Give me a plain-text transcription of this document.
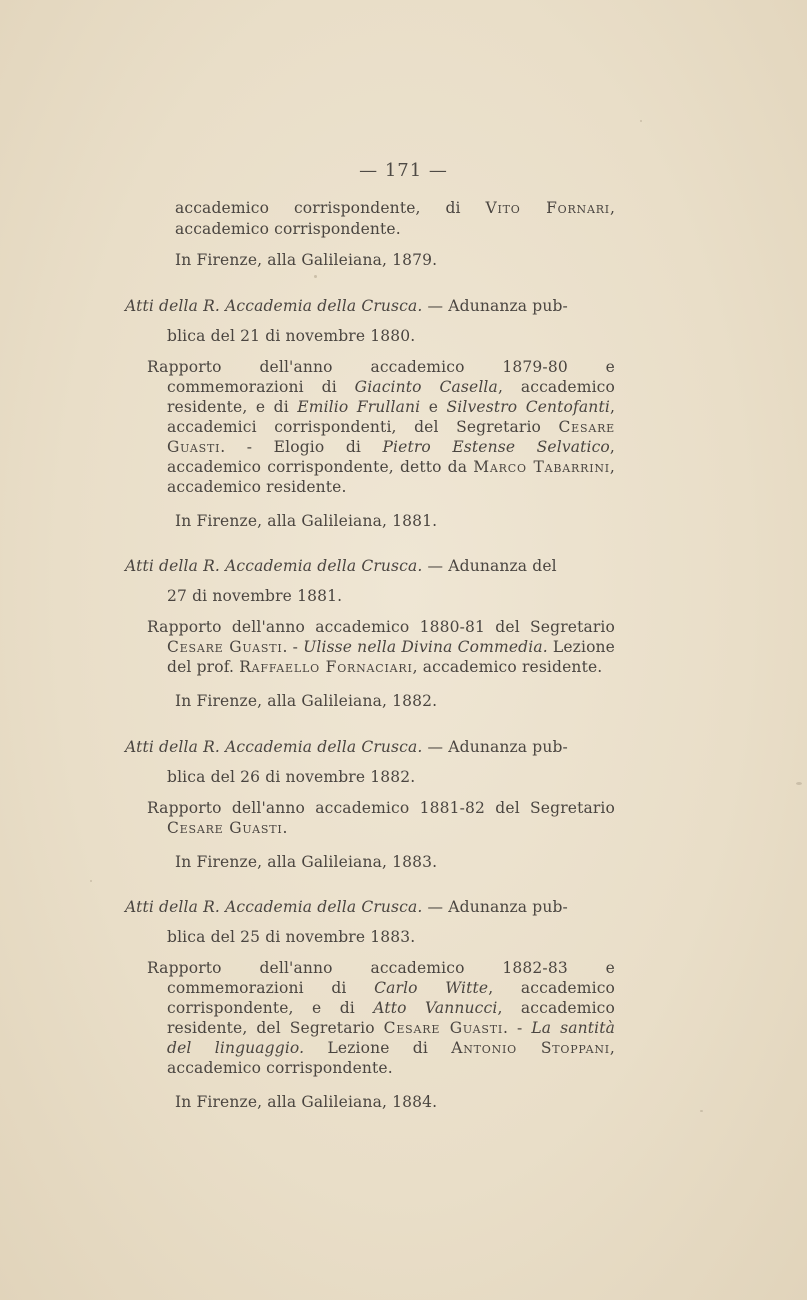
— 171 —
accademico corrispondente, di Vito Fornari, accademico corrispondente.
In Firenze, alla Galileiana, 1879.
Atti della R. Accademia della Crusca. — Adunanza pub-
blica del 21 di novembre 1880.
Rapporto dell'anno accademico 1879-80 e commemorazioni di Giacinto Casella, accademico residente, e di Emilio Frullani e Silvestro Centofanti, accademici corrispondenti, del Segretario Cesare Guasti. - Elogio di Pietro Estense Selvatico, accademico corrispondente, detto da Marco Tabarrini, accademico residente.
In Firenze, alla Galileiana, 1881.
Atti della R. Accademia della Crusca. — Adunanza del
27 di novembre 1881.
Rapporto dell'anno accademico 1880-81 del Segretario Cesare Guasti. - Ulisse nella Divina Commedia. Lezione del prof. Raffaello Fornaciari, accademico residente.
In Firenze, alla Galileiana, 1882.
Atti della R. Accademia della Crusca. — Adunanza pub-
blica del 26 di novembre 1882.
Rapporto dell'anno accademico 1881-82 del Segretario Cesare Guasti.
In Firenze, alla Galileiana, 1883.
Atti della R. Accademia della Crusca. — Adunanza pub-
blica del 25 di novembre 1883.
Rapporto dell'anno accademico 1882-83 e commemorazioni di Carlo Witte, accademico corrispondente, e di Atto Vannucci, accademico residente, del Segretario Cesare Guasti. - La santità del linguaggio. Lezione di Antonio Stoppani, accademico corrispondente.
In Firenze, alla Galileiana, 1884.
